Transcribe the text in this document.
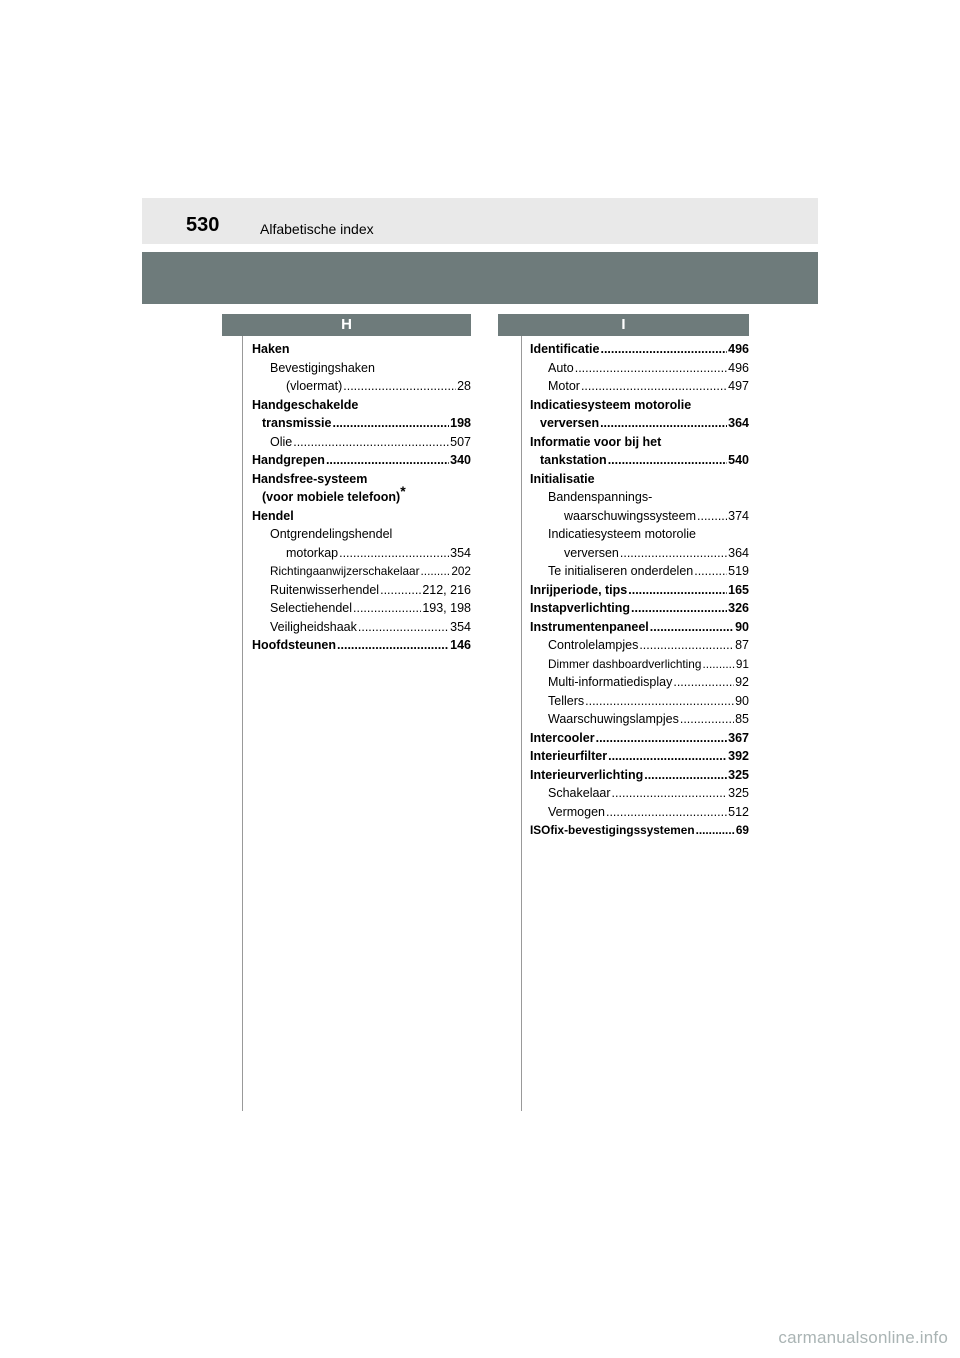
530	Alfabetische index
H	I
Haken
Bevestigingshaken
(vloermat) .....	28
Handgeschakelde
transmissie .....	198
Olie .....	507
Handgrepen .....	340
Handsfree-systeem
(voor mobiele telefoon)*
Hendel
Ontgrendelingshendel
motorkap .....	354
Richtingaanwijzerschakelaar .....	202
Ruitenwisserhendel .....	212, 216
Selectiehendel .....	193, 198
Veiligheidshaak .....	354
Hoofdsteunen .....	146
Identificatie .....	496
Auto .....	496
Motor .....	497
Indicatiesysteem motorolie
verversen .....	364
Informatie voor bij het
tankstation .....	540
Initialisatie
Bandenspannings-
waarschuwingssysteem .....	374
Indicatiesysteem motorolie
verversen .....	364
Te initialiseren onderdelen .....	519
Inrijperiode, tips .....	165
Instapverlichting .....	326
Instrumentenpaneel .....	90
Controlelampjes .....	87
Dimmer dashboardverlichting .....	91
Multi-informatiedisplay .....	92
Tellers .....	90
Waarschuwingslampjes .....	85
Intercooler .....	367
Interieurfilter .....	392
Interieurverlichting .....	325
Schakelaar .....	325
Vermogen .....	512
ISOfix-bevestigingssystemen .....	69
carmanualsonline.info
